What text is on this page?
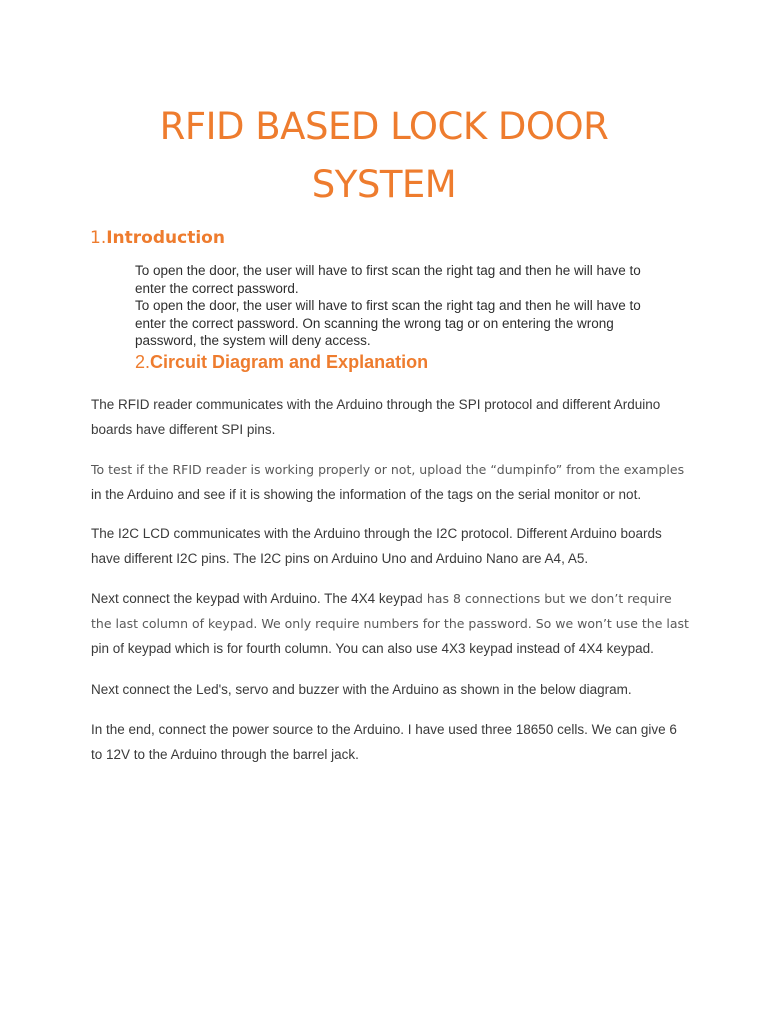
RFID BASED LOCK DOOR
SYSTEM
1.Introduction

To open the door, the user will have to first scan the right tag and then he will have to enter the correct password.

To open the door, the user will have to first scan the right tag and then he will have to enter the correct password. On scanning the wrong tag or on entering the wrong password, the system will deny access.

2.Circuit Diagram and Explanation

The RFID reader communicates with the Arduino through the SPI protocol and different Arduino boards have different SPI pins.

To test if the RFID reader is working properly or not, upload the “dumpinfo” from the examples
in the Arduino and see if it is showing the information of the tags on the serial monitor or not.

The I2C LCD communicates with the Arduino through the I2C protocol. Different Arduino boards have different I2C pins. The I2C pins on Arduino Uno and Arduino Nano are A4, A5.

Next connect the keypad with Arduino. The 4X4 keypad has 8 connections but we don’t require the last column of keypad. We only require numbers for the password. So we won’t use the last
pin of keypad which is for fourth column. You can also use 4X3 keypad instead of 4X4 keypad.

Next connect the Led's, servo and buzzer with the Arduino as shown in the below diagram.

In the end, connect the power source to the Arduino. I have used three 18650 cells. We can give 6 to 12V to the Arduino through the barrel jack.
